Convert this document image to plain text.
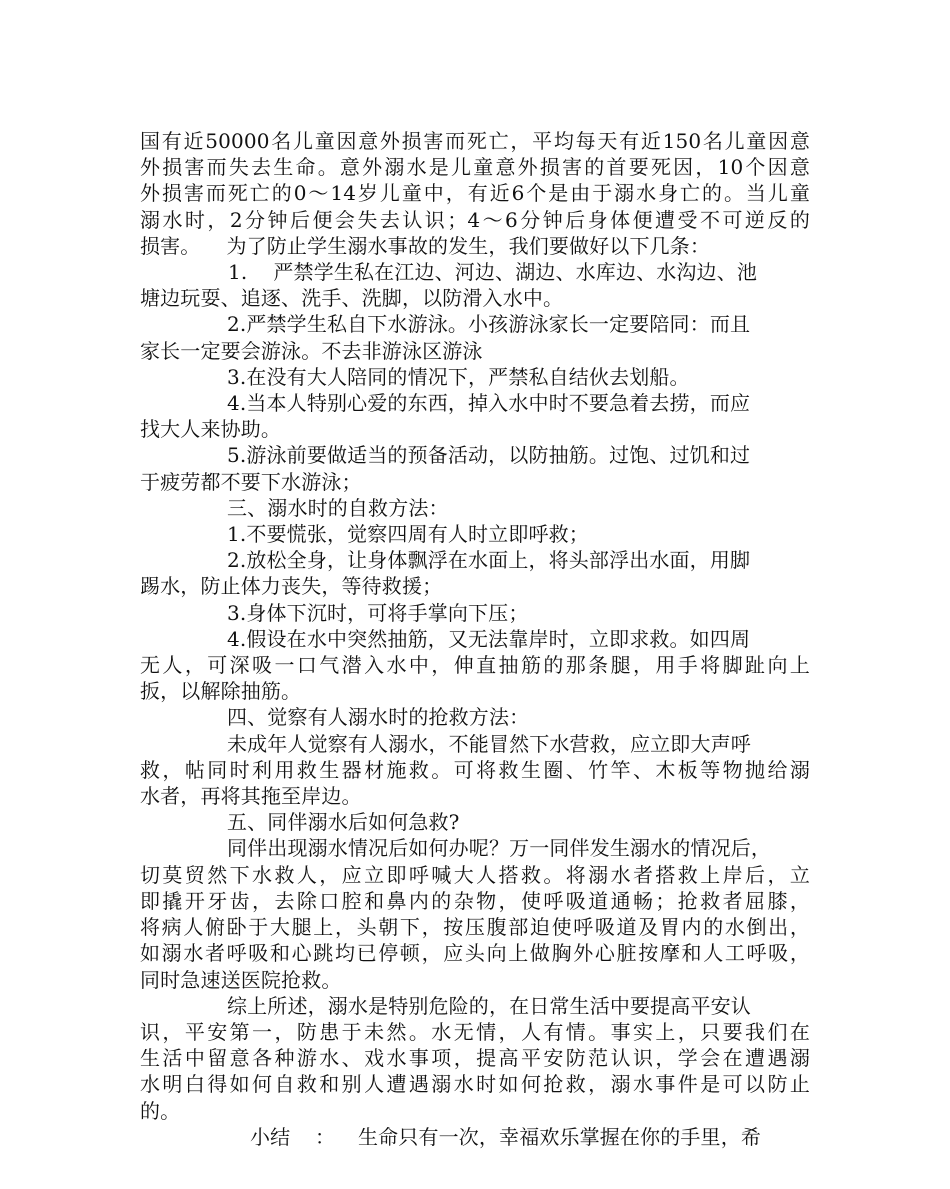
国有近50000名儿童因意外损害而死亡，平均每天有近150名儿童因意

外损害而失去生命。意外溺水是儿童意外损害的首要死因，10个因意

外损害而死亡的0～14岁儿童中，有近6个是由于溺水身亡的。当儿童

溺水时，2分钟后便会失去认识；4～6分钟后身体便遭受不可逆反的

损害。    为了防止学生溺水事故的发生，我们要做好以下几条：

1.    严禁学生私在江边、河边、湖边、水库边、水沟边、池

塘边玩耍、追逐、洗手、洗脚，以防滑入水中。

2.严禁学生私自下水游泳。小孩游泳家长一定要陪同：而且

家长一定要会游泳。不去非游泳区游泳

3.在没有大人陪同的情况下，严禁私自结伙去划船。

4.当本人特别心爱的东西，掉入水中时不要急着去捞，而应

找大人来协助。

5.游泳前要做适当的预备活动，以防抽筋。过饱、过饥和过

于疲劳都不要下水游泳；

三、溺水时的自救方法：

1.不要慌张，觉察四周有人时立即呼救；

2.放松全身，让身体飘浮在水面上，将头部浮出水面，用脚

踢水，防止体力丧失，等待救援；

3.身体下沉时，可将手掌向下压；

4.假设在水中突然抽筋，又无法靠岸时，立即求救。如四周

无人，可深吸一口气潜入水中，伸直抽筋的那条腿，用手将脚趾向上

扳，以解除抽筋。

四、觉察有人溺水时的抢救方法：

未成年人觉察有人溺水，不能冒然下水营救，应立即大声呼

救，帖同时利用救生器材施救。可将救生圈、竹竿、木板等物抛给溺

水者，再将其拖至岸边。

五、同伴溺水后如何急救?

同伴出现溺水情况后如何办呢？万一同伴发生溺水的情况后，

切莫贸然下水救人，应立即呼喊大人搭救。将溺水者搭救上岸后，立

即撬开牙齿，去除口腔和鼻内的杂物，使呼吸道通畅；抢救者屈膝，

将病人俯卧于大腿上，头朝下，按压腹部迫使呼吸道及胃内的水倒出，

如溺水者呼吸和心跳均已停顿，应头向上做胸外心脏按摩和人工呼吸，

同时急速送医院抢救。

综上所述，溺水是特别危险的，在日常生活中要提高平安认

识，平安第一，防患于未然。水无情，人有情。事实上，只要我们在

生活中留意各种游水、戏水事项，提高平安防范认识，学会在遭遇溺

水明白得如何自救和别人遭遇溺水时如何抢救，溺水事件是可以防止

的。

小结 ： 生命只有一次，幸福欢乐掌握在你的手里，希
